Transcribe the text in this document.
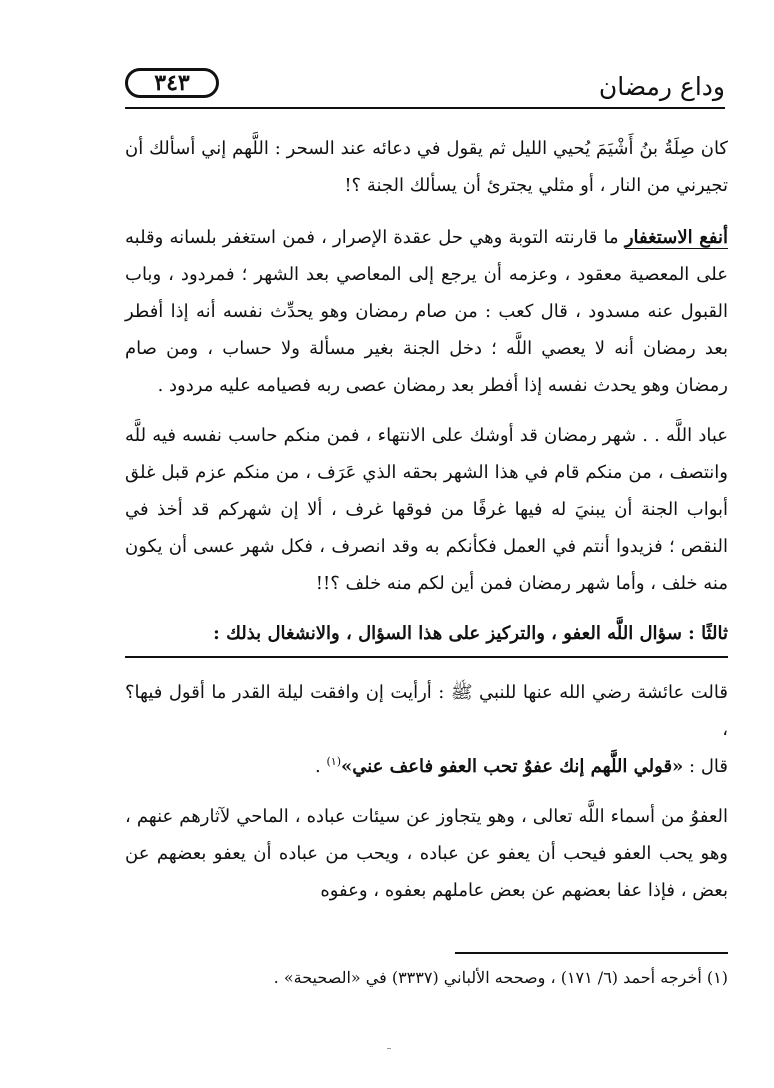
وداع رمضان
٣٤٣

كان صِلَةُ بنُ أَشْيَمَ يُحيي الليل ثم يقول في دعائه عند السحر : اللَّهم إني أسألك أن تجيرني من النار ، أو مثلي يجترئ أن يسألك الجنة ؟!

أنفع الاستغفار ما قارنته التوبة وهي حل عقدة الإصرار ، فمن استغفر بلسانه وقلبه على المعصية معقود ، وعزمه أن يرجع إلى المعاصي بعد الشهر ؛ فمردود ، وباب القبول عنه مسدود ، قال كعب : من صام رمضان وهو يحدِّث نفسه أنه إذا أفطر بعد رمضان أنه لا يعصي اللَّه ؛ دخل الجنة بغير مسألة ولا حساب ، ومن صام رمضان وهو يحدث نفسه إذا أفطر بعد رمضان عصى ربه فصيامه عليه مردود .

عباد اللَّه . . شهر رمضان قد أوشك على الانتهاء ، فمن منكم حاسب نفسه فيه للَّه وانتصف ، من منكم قام في هذا الشهر بحقه الذي عَرَف ، من منكم عزم قبل غلق أبواب الجنة أن يبنيَ له فيها غرفًا من فوقها غرف ، ألا إن شهركم قد أخذ في النقص ؛ فزيدوا أنتم في العمل فكأنكم به وقد انصرف ، فكل شهر عسى أن يكون منه خلف ، وأما شهر رمضان فمن أين لكم منه خلف ؟!!

ثالثًا : سؤال اللَّه العفو ، والتركيز على هذا السؤال ، والانشغال بذلك :

قالت عائشة رضي الله عنها للنبي ﷺ : أرأيت إن وافقت ليلة القدر ما أقول فيها؟ ،
قال : «قولي اللَّهم إنك عفوٌ تحب العفو فاعف عني»$^{(١)}$ .

العفوُ من أسماء اللَّه تعالى ، وهو يتجاوز عن سيئات عباده ، الماحي لآثارهم عنهم ، وهو يحب العفو فيحب أن يعفو عن عباده ، ويحب من عباده أن يعفو بعضهم عن بعض ، فإذا عفا بعضهم عن بعض عاملهم بعفوه ، وعفوه

(١) أخرجه أحمد (٦/ ١٧١) ، وصححه الألباني (٣٣٣٧) في «الصحيحة» .
